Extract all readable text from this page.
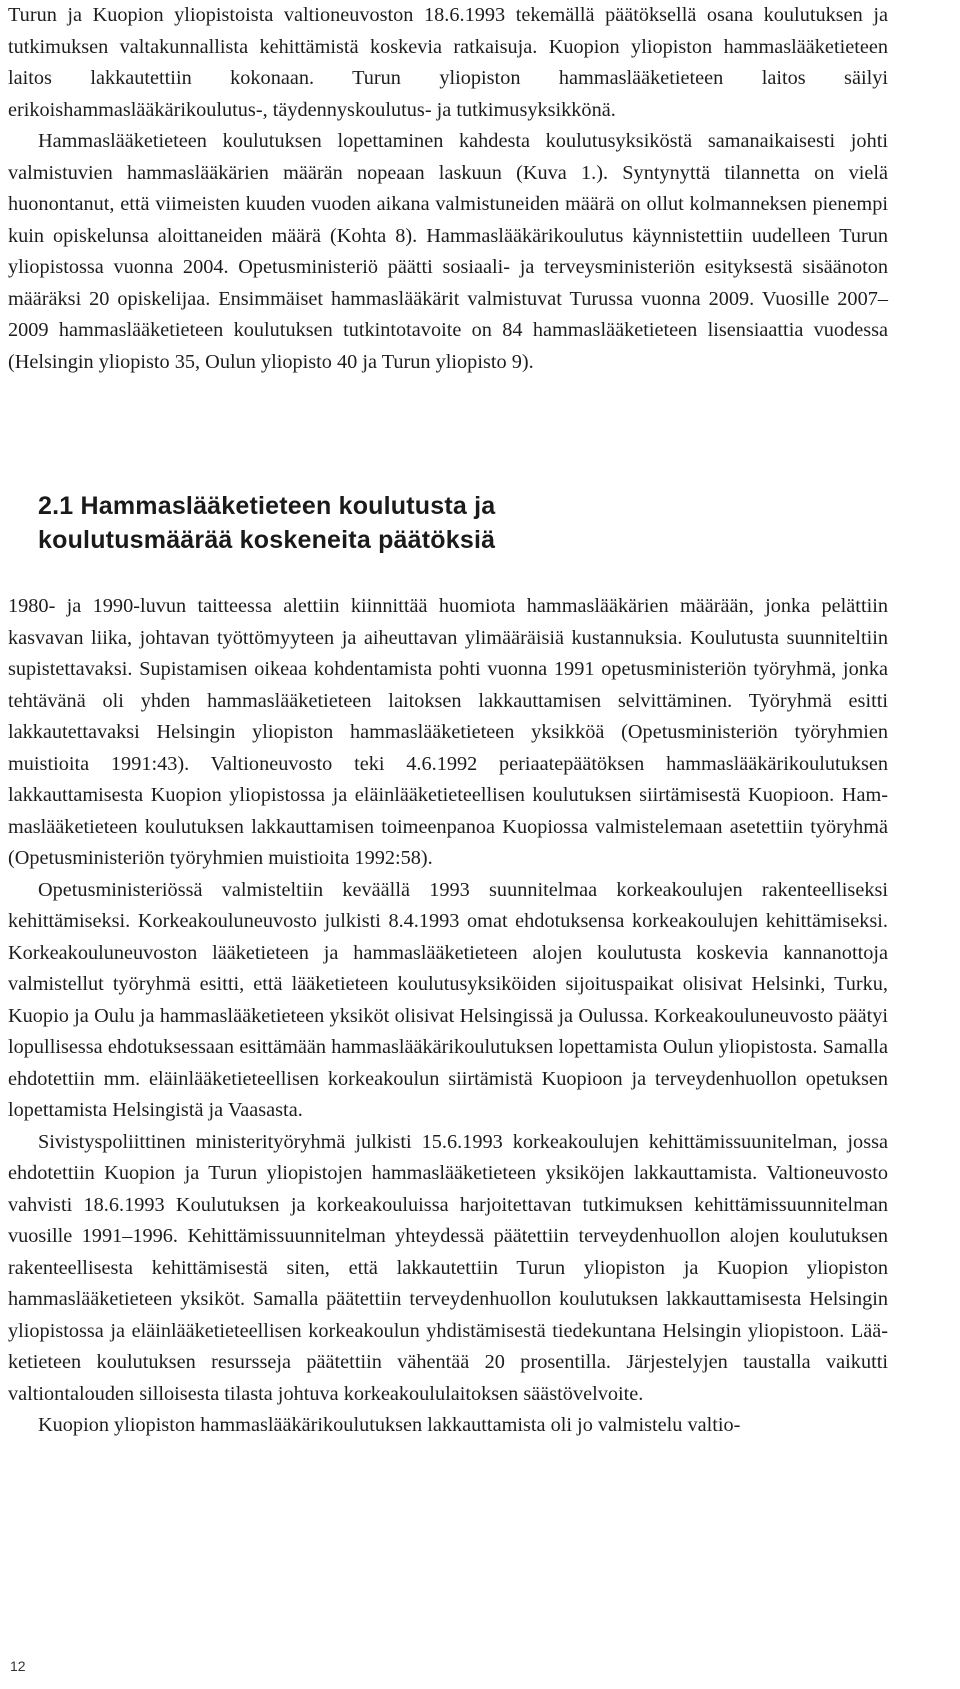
Turun ja Kuopion yliopistoista valtioneuvoston 18.6.1993 tekemällä päätöksellä osana koulutuksen ja tutkimuksen valtakunnallista kehittämistä koskevia ratkaisuja. Kuopion yliopiston hammaslääketieteen laitos lakkautettiin kokonaan. Turun yliopiston hammaslääketieteen laitos säilyi erikoishammaslääkärikoulutus-, täydennyskoulutus- ja tutkimusyksikkönä.

Hammaslääketieteen koulutuksen lopettaminen kahdesta koulutusyksiköstä samanaikaisesti johti valmistuvien hammaslääkärien määrän nopeaan laskuun (Kuva 1.). Syntynyttä tilannetta on vielä huonontanut, että viimeisten kuuden vuoden aikana valmistuneiden määrä on ollut kolmanneksen pienempi kuin opiskelunsa aloittaneiden määrä (Kohta 8). Hammaslääkärikoulutus käynnistettiin uudelleen Turun yliopistossa vuonna 2004. Opetusministeriö päätti sosiaali- ja terveysministeriön esityksestä sisäänoton määräksi 20 opiskelijaa. Ensimmäiset hammaslääkärit valmistuvat Turussa vuonna 2009. Vuosille 2007–2009 hammaslääketieteen koulutuksen tutkintotavoite on 84 hammaslääketieteen lisensiaattia vuodessa (Helsingin yliopisto 35, Oulun yliopisto 40 ja Turun yliopisto 9).

2.1 Hammaslääketieteen koulutusta ja
koulutusmäärää koskeneita päätöksiä

1980- ja 1990-luvun taitteessa alettiin kiinnittää huomiota hammaslääkärien määrään, jonka pelättiin kasvavan liika, johtavan työttömyyteen ja aiheuttavan ylimääräisiä kustannuksia. Koulutusta suunniteltiin supistettavaksi. Supistamisen oikeaa kohdentamista pohti vuonna 1991 opetusministeriön työryhmä, jonka tehtävänä oli yhden hammaslääketieteen laitoksen lakkauttamisen selvittäminen. Työryhmä esitti lakkautettavaksi Helsingin yliopiston hammaslääketieteen yksikköä (Opetusministeriön työryhmien muistioita 1991:43). Valtioneuvosto teki 4.6.1992 periaatepäätöksen hammaslääkärikoulutuksen lakkauttamisesta Kuopion yliopistossa ja eläinlääketieteellisen koulutuksen siirtämisestä Kuopioon. Hammaslääketieteen koulutuksen lakkauttamisen toimeenpanoa Kuopiossa valmistelemaan asetettiin työryhmä (Opetusministeriön työryhmien muistioita 1992:58).

Opetusministeriössä valmisteltiin keväällä 1993 suunnitelmaa korkeakoulujen rakenteelliseksi kehittämiseksi. Korkeakouluneuvosto julkisti 8.4.1993 omat ehdotuksensa korkeakoulujen kehittämiseksi. Korkeakouluneuvoston lääketieteen ja hammaslääketieteen alojen koulutusta koskevia kannanottoja valmistellut työryhmä esitti, että lääketieteen koulutusyksiköiden sijoituspaikat olisivat Helsinki, Turku, Kuopio ja Oulu ja hammaslääketieteen yksiköt olisivat Helsingissä ja Oulussa. Korkeakouluneuvosto päätyi lopullisessa ehdotuksessaan esittämään hammaslääkärikoulutuksen lopettamista Oulun yliopistosta. Samalla ehdotettiin mm. eläinlääketieteellisen korkeakoulun siirtämistä Kuopioon ja terveydenhuollon opetuksen lopettamista Helsingistä ja Vaasasta.

Sivistyspoliittinen ministerityöryhmä julkisti 15.6.1993 korkeakoulujen kehittämissuunitelman, jossa ehdotettiin Kuopion ja Turun yliopistojen hammaslääketieteen yksiköjen lakkauttamista. Valtioneuvosto vahvisti 18.6.1993 Koulutuksen ja korkeakouluissa harjoitettavan tutkimuksen kehittämissuunnitelman vuosille 1991–1996. Kehittämissuunnitelman yhteydessä päätettiin terveydenhuollon alojen koulutuksen rakenteellisesta kehittämisestä siten, että lakkautettiin Turun yliopiston ja Kuopion yliopiston hammaslääketieteen yksiköt. Samalla päätettiin terveydenhuollon koulutuksen lakkauttamisesta Helsingin yliopistossa ja eläinlääketieteellisen korkeakoulun yhdistämisestä tiedekuntana Helsingin yliopistoon. Lääketieteen koulutuksen resursseja päätettiin vähentää 20 prosentilla. Järjestelyjen taustalla vaikutti valtiontalouden silloisesta tilasta johtuva korkeakoululaitoksen säästövelvoite.

Kuopion yliopiston hammaslääkärikoulutuksen lakkauttamista oli jo valmistelu valtio-

12
